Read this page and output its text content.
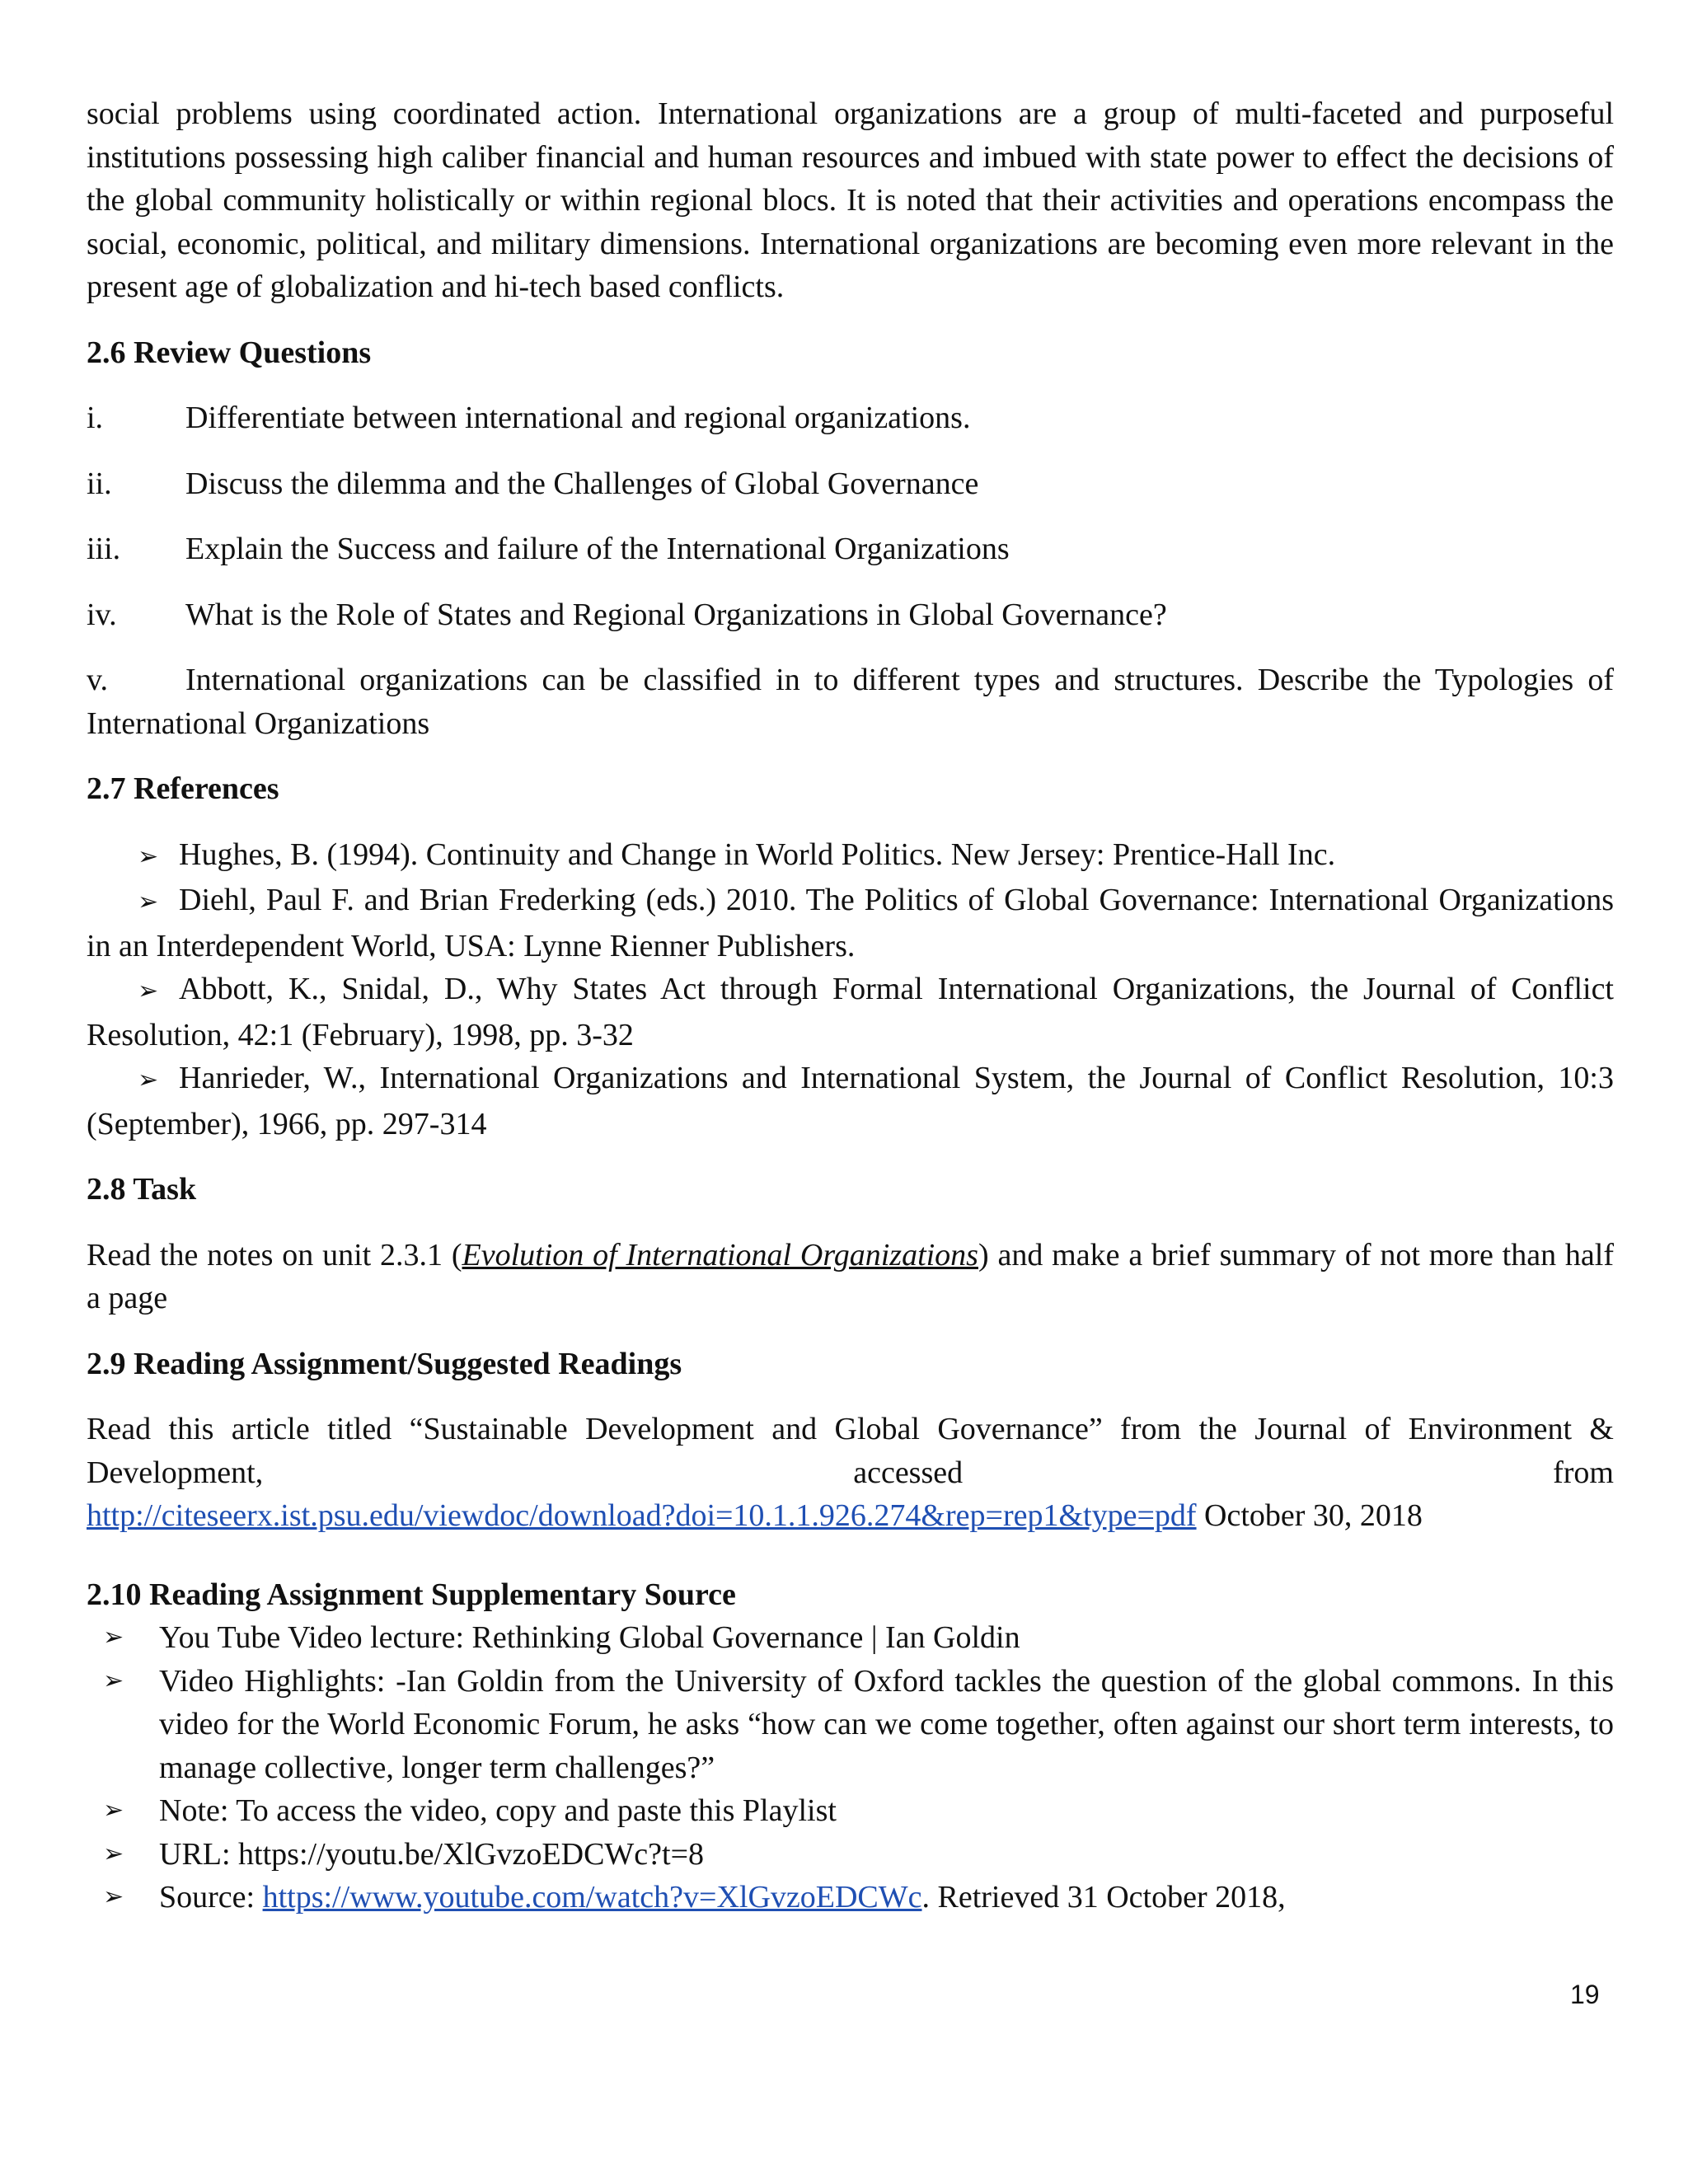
social problems using coordinated action. International organizations are a group of multi-faceted and purposeful institutions possessing high caliber financial and human resources and imbued with state power to effect the decisions of the global community holistically or within regional blocs. It is noted that their activities and operations encompass the social, economic, political, and military dimensions. International organizations are becoming even more relevant in the present age of globalization and hi-tech based conflicts.

2.6 Review Questions

i.	Differentiate between international and regional organizations.

ii. Discuss the dilemma and the Challenges of Global Governance

iii. Explain the Success and failure of the International Organizations

iv. What is the Role of States and Regional Organizations in Global Governance?

v. International organizations can be classified in to different types and structures. Describe the Typologies of International Organizations

2.7 References

➢ Hughes, B. (1994). Continuity and Change in World Politics. New Jersey: Prentice-Hall Inc.

➢ Diehl, Paul F. and Brian Frederking (eds.) 2010. The Politics of Global Governance: International Organizations in an Interdependent World, USA: Lynne Rienner Publishers.

➢ Abbott, K., Snidal, D., Why States Act through Formal International Organizations, the Journal of Conflict Resolution, 42:1 (February), 1998, pp. 3-32

➢ Hanrieder, W., International Organizations and International System, the Journal of Conflict Resolution, 10:3 (September), 1966, pp. 297-314

2.8 Task

Read the notes on unit 2.3.1 (Evolution of International Organizations) and make a brief summary of not more than half a page

2.9 Reading Assignment/Suggested Readings

Read this article titled “Sustainable Development and Global Governance” from the Journal of Environment &

Development, accessed from

http://citeseerx.ist.psu.edu/viewdoc/download?doi=10.1.1.926.274&rep=rep1&type=pdf October 30, 2018

2.10 Reading Assignment Supplementary Source

➢ You Tube Video lecture: Rethinking Global Governance | Ian Goldin
➢ Video Highlights: -Ian Goldin from the University of Oxford tackles the question of the global commons. In this video for the World Economic Forum, he asks “how can we come together, often against our short term interests, to manage collective, longer term challenges?”
➢ Note: To access the video, copy and paste this Playlist
➢ URL: https://youtu.be/XlGvzoEDCWc?t=8
➢ Source: https://www.youtube.com/watch?v=XlGvzoEDCWc. Retrieved 31 October 2018,
19
